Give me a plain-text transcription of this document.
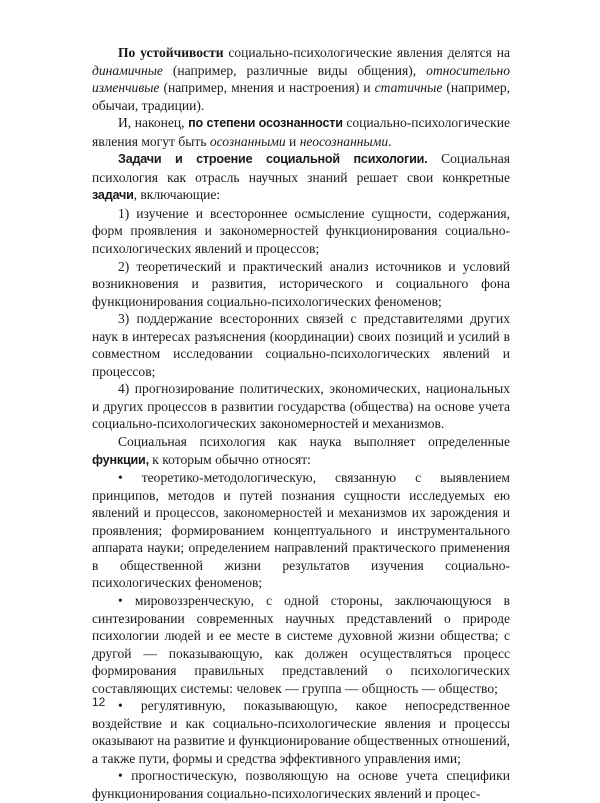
По устойчивости социально-психологические явления делятся на динамичные (например, различные виды общения), относительно изменчивые (например, мнения и настроения) и статичные (например, обычаи, традиции).

И, наконец, по степени осознанности социально-психологические явления могут быть осознанными и неосознанными.

Задачи и строение социальной психологии. Социальная психология как отрасль научных знаний решает свои конкретные задачи, включающие:

1) изучение и всестороннее осмысление сущности, содержания, форм проявления и закономерностей функционирования социально-психологических явлений и процессов;

2) теоретический и практический анализ источников и условий возникновения и развития, исторического и социального фона функционирования социально-психологических феноменов;

3) поддержание всесторонних связей с представителями других наук в интересах разъяснения (координации) своих позиций и усилий в совместном исследовании социально-психологических явлений и процессов;

4) прогнозирование политических, экономических, национальных и других процессов в развитии государства (общества) на основе учета социально-психологических закономерностей и механизмов.

Социальная психология как наука выполняет определенные функции, к которым обычно относят:

• теоретико-методологическую, связанную с выявлением принципов, методов и путей познания сущности исследуемых ею явлений и процессов, закономерностей и механизмов их зарождения и проявления; формированием концептуального и инструментального аппарата науки; определением направлений практического применения в общественной жизни результатов изучения социально-психологических феноменов;

• мировоззренческую, с одной стороны, заключающуюся в синтезировании современных научных представлений о природе психологии людей и ее месте в системе духовной жизни общества; с другой — показывающую, как должен осуществляться процесс формирования правильных представлений о психологических составляющих системы: человек — группа — общность — общество;

• регулятивную, показывающую, какое непосредственное воздействие и как социально-психологические явления и процессы оказывают на развитие и функционирование общественных отношений, а также пути, формы и средства эффективного управления ими;

• прогностическую, позволяющую на основе учета специфики функционирования социально-психологических явлений и процес-

12
